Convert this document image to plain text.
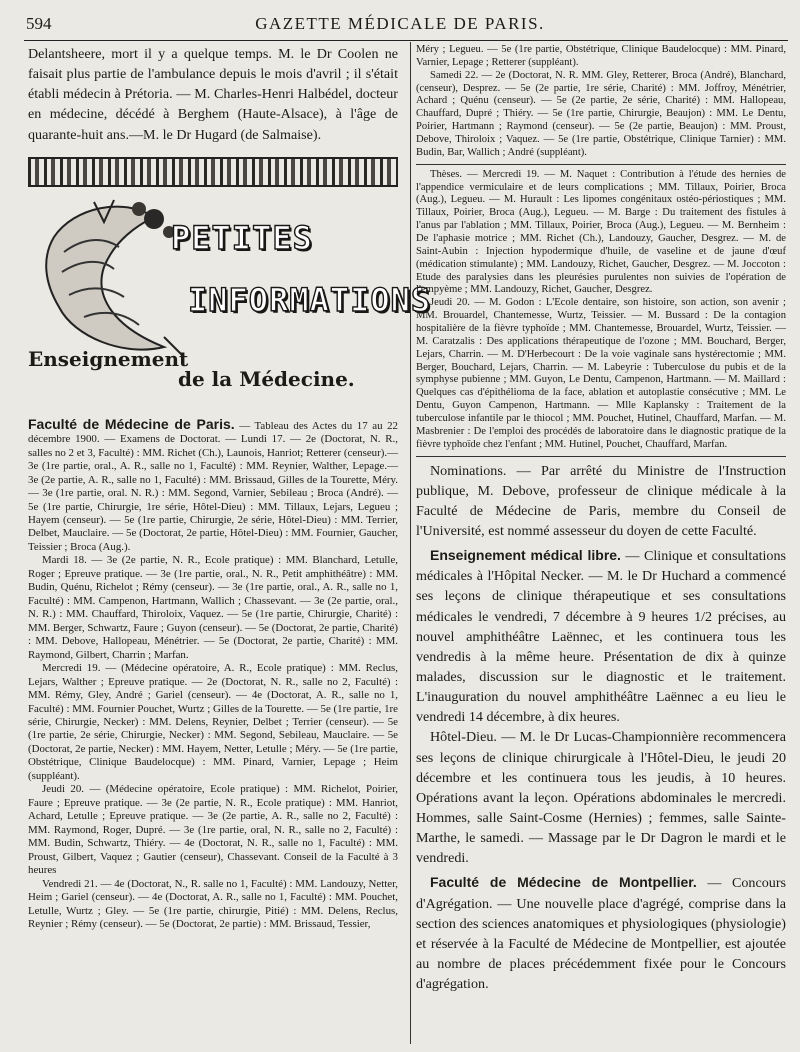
594	GAZETTE MÉDICALE DE PARIS.

Delantsheere, mort il y a quelque temps. M. le Dr Coolen ne faisait plus partie de l'ambulance depuis le mois d'avril ; il s'était établi médecin à Prétoria. — M. Charles-Henri Halbédel, docteur en médecine, décédé à Berghem (Haute-Alsace), à l'âge de quarante-huit ans.—M. le Dr Hugard (de Salmaise).

PETITES
INFORMATIONS
Enseignement
de la Médecine.

Faculté de Médecine de Paris. — Tableau des Actes du 17 au 22 décembre 1900. — Examens de Doctorat. — Lundi 17. — 2e (Doctorat, N. R., salles no 2 et 3, Faculté) : MM. Richet (Ch.), Launois, Hanriot; Retterer (censeur).—3e (1re partie, oral., A. R., salle no 1, Faculté) : MM. Reynier, Walther, Lepage.— 3e (2e partie, A. R., salle no 1, Faculté) : MM. Brissaud, Gilles de la Tourette, Méry. — 3e (1re partie, oral. N. R.) : MM. Segond, Varnier, Sebileau ; Broca (André). — 5e (1re partie, Chirurgie, 1re série, Hôtel-Dieu) : MM. Tillaux, Lejars, Legueu ; Hayem (censeur). — 5e (1re partie, Chirurgie, 2e série, Hôtel-Dieu) : MM. Terrier, Delbet, Mauclaire. — 5e (Doctorat, 2e partie, Hôtel-Dieu) : MM. Fournier, Gaucher, Teissier ; Broca (Aug.).

Mardi 18. — 3e (2e partie, N. R., Ecole pratique) : MM. Blanchard, Letulle, Roger ; Epreuve pratique. — 3e (1re partie, oral., N. R., Petit amphithéâtre) : MM. Budin, Quénu, Richelot ; Rémy (censeur). — 3e (1re partie, oral., A. R., salle no 1, Faculté) : MM. Campenon, Hartmann, Wallich ; Chassevant. — 3e (2e partie, oral., N. R.) : MM. Chauffard, Thiroloix, Vaquez. — 5e (1re partie, Chirurgie, Charité) : MM. Berger, Schwartz, Faure ; Guyon (censeur). — 5e (Doctorat, 2e partie, Charité) : MM. Debove, Hallopeau, Ménétrier. — 5e (Doctorat, 2e partie, Charité) : MM. Raymond, Gilbert, Charrin ; Marfan.

Mercredi 19. — (Médecine opératoire, A. R., Ecole pratique) : MM. Reclus, Lejars, Walther ; Epreuve pratique. — 2e (Doctorat, N. R., salle no 2, Faculté) : MM. Rémy, Gley, André ; Gariel (censeur). — 4e (Doctorat, A. R., salle no 1, Faculté) : MM. Fournier Pouchet, Wurtz ; Gilles de la Tourette. — 5e (1re partie, 1re série, Chirurgie, Necker) : MM. Delens, Reynier, Delbet ; Terrier (censeur). — 5e (1re partie, 2e série, Chirurgie, Necker) : MM. Segond, Sebileau, Mauclaire. — 5e (Doctorat, 2e partie, Necker) : MM. Hayem, Netter, Letulle ; Méry. — 5e (1re partie, Obstétrique, Clinique Baudelocque) : MM. Pinard, Varnier, Lepage ; Heim (suppléant).

Jeudi 20. — (Médecine opératoire, Ecole pratique) : MM. Richelot, Poirier, Faure ; Epreuve pratique. — 3e (2e partie, N. R., Ecole pratique) : MM. Hanriot, Achard, Letulle ; Epreuve pratique. — 3e (2e partie, A. R., salle no 2, Faculté) : MM. Raymond, Roger, Dupré. — 3e (1re partie, oral, N. R., salle no 2, Faculté) : MM. Budin, Schwartz, Thiéry. — 4e (Doctorat, N. R., salle no 1, Faculté) : MM. Proust, Gilbert, Vaquez ; Gautier (censeur), Chassevant. Conseil de la Faculté à 3 heures

Vendredi 21. — 4e (Doctorat, N., R. salle no 1, Faculté) : MM. Landouzy, Netter, Heim ; Gariel (censeur). — 4e (Doctorat, A. R., salle no 1, Faculté) : MM. Pouchet, Letulle, Wurtz ; Gley. — 5e (1re partie, chirurgie, Pitié) : MM. Delens, Reclus, Reynier ; Rémy (censeur). — 5e (Doctorat, 2e partie) : MM. Brissaud, Tessier,

Méry ; Legueu. — 5e (1re partie, Obstétrique, Clinique Baudelocque) : MM. Pinard, Varnier, Lepage ; Retterer (suppléant).

Samedi 22. — 2e (Doctorat, N. R. MM. Gley, Retterer, Broca (André), Blanchard, (censeur), Desprez. — 5e (2e partie, 1re série, Charité) : MM. Joffroy, Ménétrier, Achard ; Quénu (censeur). — 5e (2e partie, 2e série, Charité) : MM. Hallopeau, Chauffard, Dupré ; Thiéry. — 5e (1re partie, Chirurgie, Beaujon) : MM. Le Dentu, Poirier, Hartmann ; Raymond (censeur). — 5e (2e partie, Beaujon) : MM. Proust, Debove, Thiroloix ; Vaquez. — 5e (1re partie, Obstétrique, Clinique Tarnier) : MM. Budin, Bar, Wallich ; André (suppléant).

Thèses. — Mercredi 19. — M. Naquet : Contribution à l'étude des hernies de l'appendice vermiculaire et de leurs complications ; MM. Tillaux, Poirier, Broca (Aug.), Legueu. — M. Hurault : Les lipomes congénitaux ostéo-périostiques ; MM. Tillaux, Poirier, Broca (Aug.), Legueu. — M. Barge : Du traitement des fistules à l'anus par l'ablation ; MM. Tillaux, Poirier, Broca (Aug.), Legueu. — M. Bernheim : De l'aphasie motrice ; MM. Richet (Ch.), Landouzy, Gaucher, Desgrez. — M. de Saint-Aubin : Injection hypodermique d'huile, de vaseline et de jaune d'œuf (médication stimulante) ; MM. Landouzy, Richet, Gaucher, Desgrez. — M. Joccoton : Etude des paralysies dans les pleurésies purulentes non suivies de l'opération de l'empyème ; MM. Landouzy, Richet, Gaucher, Desgrez.

Jeudi 20. — M. Godon : L'Ecole dentaire, son histoire, son action, son avenir ; MM. Brouardel, Chantemesse, Wurtz, Teissier. — M. Bussard : De la contagion hospitalière de la fièvre typhoïde ; MM. Chantemesse, Brouardel, Wurtz, Teissier. — M. Caratzalis : Des applications thérapeutique de l'ozone ; MM. Bouchard, Berger, Lejars, Charrin. — M. D'Herbecourt : De la voie vaginale sans hystérectomie ; MM. Berger, Bouchard, Lejars, Charrin. — M. Labeyrie : Tuberculose du pubis et de la symphyse pubienne ; MM. Guyon, Le Dentu, Campenon, Hartmann. — M. Maillard : Quelques cas d'épithélioma de la face, ablation et autoplastie consécutive ; MM. Le Dentu, Guyon Campenon, Hartmann. — Mlle Kaplansky : Traitement de la tuberculose infantile par le thiocol ; MM. Pouchet, Hutinel, Chauffard, Marfan. — M. Masbrenier : De l'emploi des procédés de laboratoire dans le diagnostic pratique de la fièvre typhoïde chez l'enfant ; MM. Hutinel, Pouchet, Chauffard, Marfan.

Nominations. — Par arrêté du Ministre de l'Instruction publique, M. Debove, professeur de clinique médicale à la Faculté de Médecine de Paris, membre du Conseil de l'Université, est nommé assesseur du doyen de cette Faculté.

Enseignement médical libre. — Clinique et consultations médicales à l'Hôpital Necker. — M. le Dr Huchard a commencé ses leçons de clinique thérapeutique et ses consultations médicales le vendredi, 7 décembre à 9 heures 1/2 précises, au nouvel amphithéâtre Laënnec, et les continuera tous les vendredis à la même heure. Présentation de dix à quinze malades, discussion sur le diagnostic et le traitement. L'inauguration du nouvel amphithéâtre Laënnec a eu lieu le vendredi 14 décembre, à dix heures.

Hôtel-Dieu. — M. le Dr Lucas-Championnière recommencera ses leçons de clinique chirurgicale à l'Hôtel-Dieu, le jeudi 20 décembre et les continuera tous les jeudis, à 10 heures. Opérations avant la leçon. Opérations abdominales le mercredi. Hommes, salle Saint-Cosme (Hernies) ; femmes, salle Sainte-Marthe, le samedi. — Massage par le Dr Dagron le mardi et le vendredi.

Faculté de Médecine de Montpellier. — Concours d'Agrégation. — Une nouvelle place d'agrégé, comprise dans la section des sciences anatomiques et physiologiques (physiologie) et réservée à la Faculté de Médecine de Montpellier, est ajoutée au nombre de places précédemment fixée pour le Concours d'agrégation.
